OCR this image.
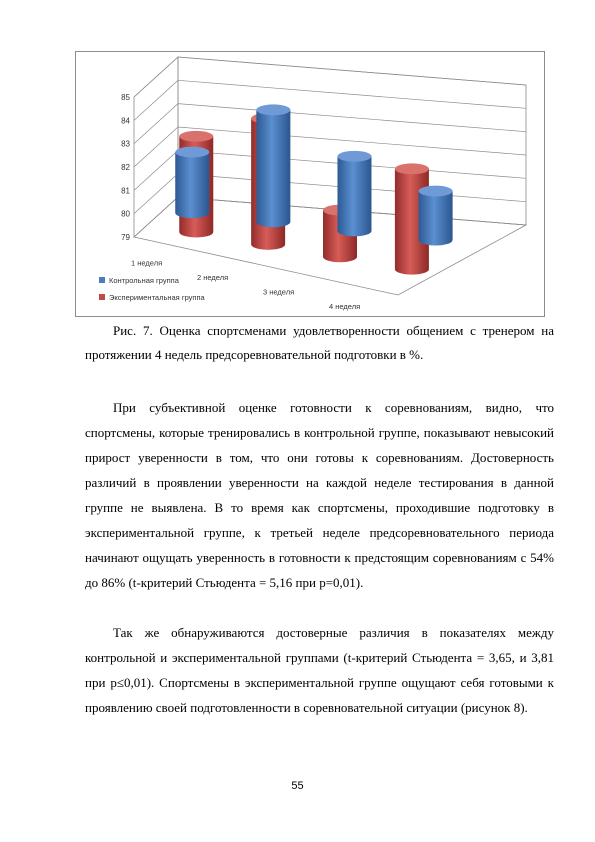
79
80
81
82
83
84
85
1 неделя
2 неделя
3 неделя
4 неделя
Контрольная группа
Экспериментальная группа
Рис. 7. Оценка спортсменами удовлетворенности общением с тренером на протяжении 4 недель предсоревновательной подготовки в %.
При субъективной оценке готовности к соревнованиям, видно, что спортсмены, которые тренировались в контрольной группе, показывают невысокий прирост уверенности в том, что они готовы к соревнованиям. Достоверность различий в проявлении уверенности на каждой неделе тестирования в данной группе не выявлена. В то время как спортсмены, проходившие подготовку в экспериментальной группе, к третьей неделе предсоревновательного периода начинают ощущать уверенность в готовности к предстоящим соревнованиям с 54% до 86% (t-критерий Стьюдента = 5,16 при p=0,01).
Так же обнаруживаются достоверные различия в показателях между контрольной и экспериментальной группами (t-критерий Стьюдента = 3,65, и 3,81 при p≤0,01). Спортсмены в экспериментальной группе ощущают себя готовыми к проявлению своей подготовленности в соревновательной ситуации (рисунок 8).
55
